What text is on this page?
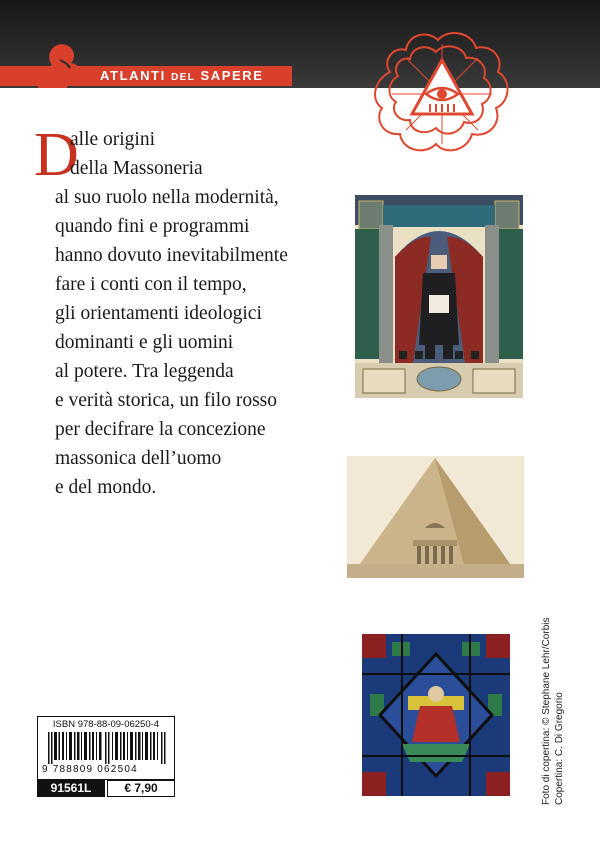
ATLANTI DEL SAPERE
D
alle origini
della Massoneria
al suo ruolo nella modernità,
quando fini e programmi
hanno dovuto inevitabilmente
fare i conti con il tempo,
gli orientamenti ideologici
dominanti e gli uomini
al potere. Tra leggenda
e verità storica, un filo rosso
per decifrare la concezione
massonica dell’uomo
e del mondo.
Foto di copertina: © Stephane Lehr/Corbis Copertina: C. Di Gregorio
ISBN 978-88-09-06250-4
9 788809 062504
91561L	€ 7,90
